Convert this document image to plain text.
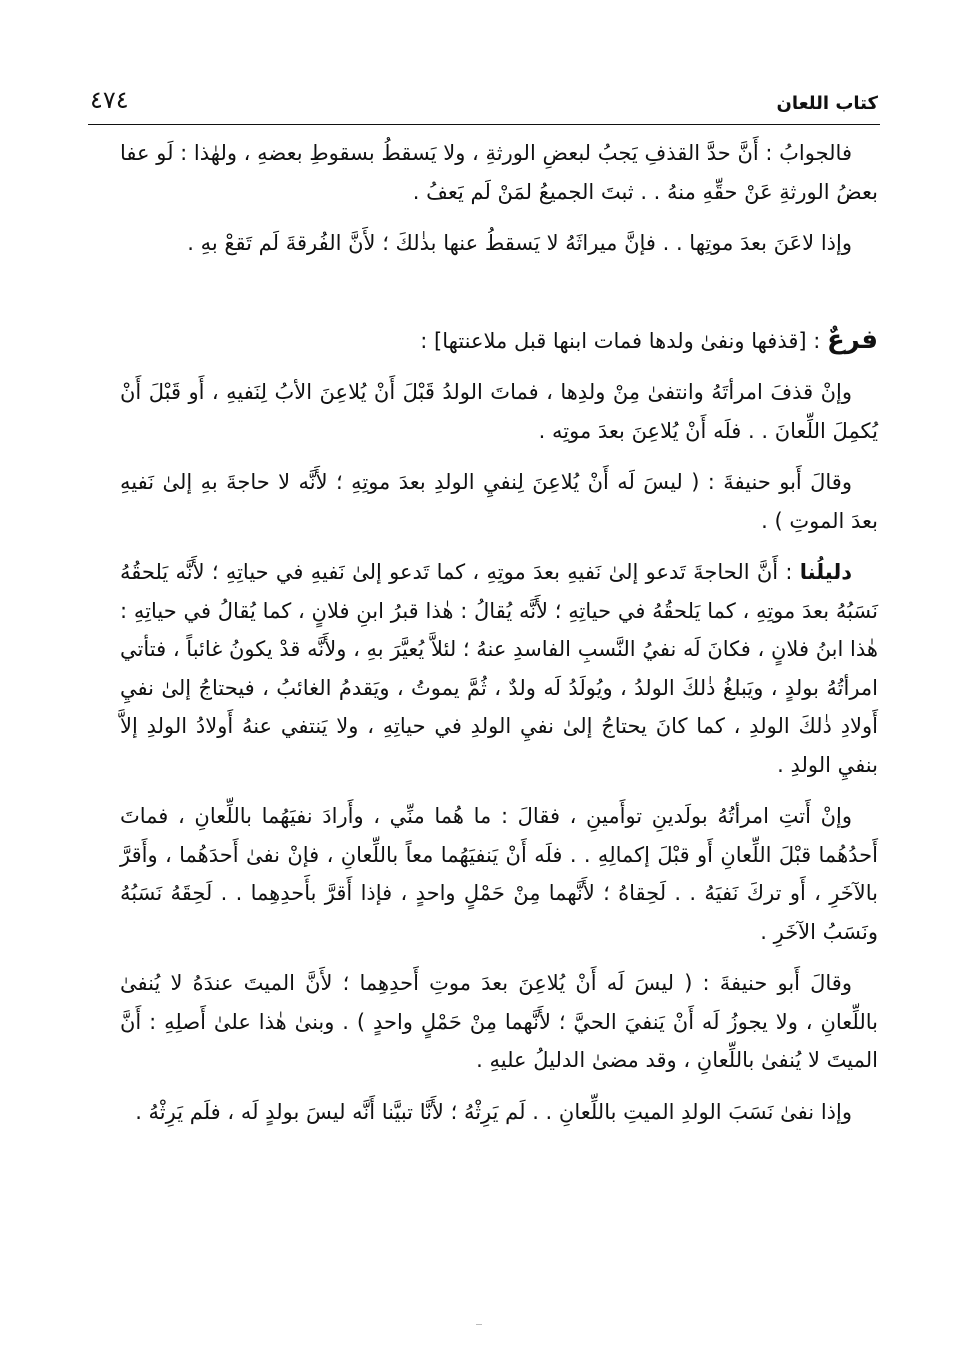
كتاب اللعان
٤٧٤

فالجوابُ : أَنَّ حدَّ القذفِ يَجبُ لبعضِ الورثةِ ، ولا يَسقطُ بسقوطِ بعضهِ ، ولهٰذا : لَو عفا بعضُ الورثةِ عَنْ حقِّهِ منهُ . . ثبتَ الجميعُ لمَنْ لَم يَعفُ .

وإذا لاعَنَ بعدَ موتِها . . فإنَّ ميراثَهُ لا يَسقطُ عنها بذٰلكَ ؛ لأَنَّ الفُرقةَ لَم تَقعْ بهِ .

فرعٌ : [قذفها ونفىٰ ولدها فمات ابنها قبل ملاعنتها] :

وإنْ قذفَ امرأتَهُ وانتفىٰ مِنْ ولدِها ، فماتَ الولدُ قَبْلَ أَنْ يُلاعِنَ الأبُ لِنَفيهِ ، أَو قَبْلَ أَنْ يُكمِلَ اللِّعانَ . . فلَه أَنْ يُلاعِنَ بعدَ موتِه .

وقالَ أَبو حنيفةَ : ( ليسَ لَه أَنْ يُلاعِنَ لِنفيِ الولدِ بعدَ موتِهِ ؛ لأَنَّه لا حاجةَ بهِ إلىٰ نَفيهِ بعدَ الموتِ ) .

دليلُنا : أَنَّ الحاجةَ تَدعو إلىٰ نَفيهِ بعدَ موتِهِ ، كما تَدعو إلىٰ نَفيهِ في حياتِهِ ؛ لأَنَّه يَلحقُهُ نَسَبُهُ بعدَ موتِهِ ، كما يَلحقُهُ في حياتِهِ ؛ لأَنَّه يُقالُ : هٰذا قبرُ ابنِ فلانٍ ، كما يُقالُ في حياتِهِ : هٰذا ابنُ فلانٍ ، فكانَ لَه نفيُ النَّسبِ الفاسدِ عنهُ ؛ لئلاَّ يُعيَّرَ بهِ ، ولأَنَّه قدْ يكونُ غائباً ، فتأتي امرأتُهُ بولدٍ ، ويَبلغُ ذٰلكَ الولدُ ، ويُولَدُ لَه ولدٌ ، ثُمَّ يموتُ ، ويَقدمُ الغائبُ ، فيحتاجُ إلىٰ نفيِ أَولادِ ذٰلكَ الولدِ ، كما كانَ يحتاجُ إلىٰ نفيِ الولدِ في حياتِهِ ، ولا يَنتفي عنهُ أَولادُ الولدِ إلاَّ بنفيِ الولدِ .

وإنْ أَتتِ امرأتُهُ بولَدينِ توأَمينِ ، فقالَ : ما هُما منِّي ، وأَرادَ نفيَهُما باللِّعانِ ، فماتَ أَحدُهُما قبْلَ اللِّعانِ أَو قبْلَ إكمالِهِ . . فلَه أَنْ يَنفيَهُما معاً باللِّعانِ ، فإنْ نفىٰ أَحدَهُما ، وأَقرَّ بالآخَرِ ، أَو تركَ نَفيَهُ . . لَحِقاهُ ؛ لأَنَّهما مِنْ حَمْلٍ واحدٍ ، فإذا أَقرَّ بأَحدِهِما . . لَحِقَهُ نَسَبُهُ ونَسَبُ الآخَرِ .

وقالَ أَبو حنيفةَ : ( ليسَ لَه أَنْ يُلاعِنَ بعدَ موتِ أَحدِهِما ؛ لأَنَّ الميتَ عندَهُ لا يُنفىٰ باللِّعانِ ، ولا يجوزُ لَه أَنْ يَنفيَ الحيَّ ؛ لأَنَّهما مِنْ حَمْلٍ واحدٍ ) . وبنىٰ هٰذا علىٰ أَصلِهِ : أَنَّ الميتَ لا يُنفىٰ باللِّعانِ ، وقد مضىٰ الدليلُ عليهِ .

وإذا نفىٰ نَسَبَ الولدِ الميتِ باللِّعانِ . . لَم يَرِثْهُ ؛ لأَنَّا تبيَّنا أَنَّه ليسَ بولدٍ لَه ، فلَم يَرِثْهُ .
